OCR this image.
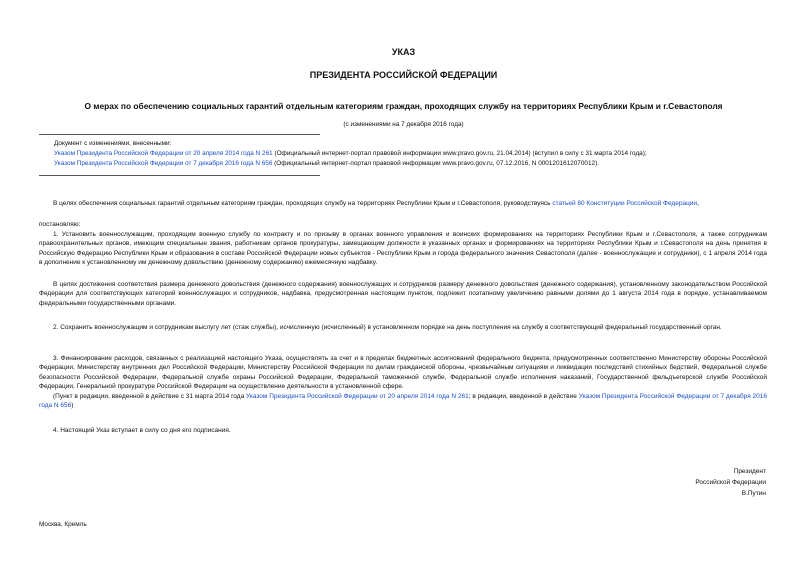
УКАЗ
ПРЕЗИДЕНТА РОССИЙСКОЙ ФЕДЕРАЦИИ
О мерах по обеспечению социальных гарантий отдельным категориям граждан, проходящих службу на территориях Республики Крым и г.Севастополя
(с изменениями на 7 декабря 2016 года)
Документ с изменениями, внесенными:
Указом Президента Российской Федерации от 20 апреля 2014 года N 261 (Официальный интернет-портал правовой информации www.pravo.gov.ru, 21.04.2014) (вступил в силу с 31 марта 2014 года);
Указом Президента Российской Федерации от 7 декабря 2016 года N 656 (Официальный интернет-портал правовой информации www.pravo.gov.ru, 07.12.2016, N 0001201612070012).

В целях обеспечения социальных гарантий отдельным категориям граждан, проходящих службу на территориях Республики Крым и г.Севастополя, руководствуясь статьей 80 Конституции Российской Федерации,

постановляю:

1. Установить военнослужащим, проходящим военную службу по контракту и по призыву в органах военного управления и воинских формированиях на территориях Республики Крым и г.Севастополя, а также сотрудникам правоохранительных органов, имеющим специальные звания, работникам органов прокуратуры, замещающим должности в указанных органах и формированиях на территориях Республики Крым и г.Севастополя на день принятия в Российскую Федерацию Республики Крым и образования в составе Российской Федерации новых субъектов - Республики Крым и города федерального значения Севастополя (далее - военнослужащие и сотрудники), с 1 апреля 2014 года в дополнение к установленному им денежному довольствию (денежному содержанию) ежемесячную надбавку.

В целях достижения соответствия размера денежного довольствия (денежного содержания) военнослужащих и сотрудников размеру денежного довольствия (денежного содержания), установленному законодательством Российской Федерации для соответствующих категорий военнослужащих и сотрудников, надбавка, предусмотренная настоящим пунктом, подлежит поэтапному увеличению равными долями до 1 августа 2014 года в порядке, устанавливаемом федеральными государственными органами.

2. Сохранить военнослужащим и сотрудникам выслугу лет (стаж службы), исчисленную (исчисленный) в установленном порядке на день поступления на службу в соответствующий федеральный государственный орган.

3. Финансирование расходов, связанных с реализацией настоящего Указа, осуществлять за счет и в пределах бюджетных ассигнований федерального бюджета, предусмотренных соответственно Министерству обороны Российской Федерации, Министерству внутренних дел Российской Федерации, Министерству Российской Федерации по делам гражданской обороны, чрезвычайным ситуациям и ликвидации последствий стихийных бедствий, Федеральной службе безопасности Российской Федерации, Федеральной службе охраны Российской Федерации, Федеральной таможенной службе, Федеральной службе исполнения наказаний, Государственной фельдъегерской службе Российской Федерации, Генеральной прокуратуре Российской Федерации на осуществление деятельности в установленной сфере.

(Пункт в редакции, введенной в действие с 31 марта 2014 года Указом Президента Российской Федерации от 20 апреля 2014 года N 261; в редакции, введенной в действие Указом Президента Российской Федерации от 7 декабря 2016 года N 656)

4. Настоящий Указ вступает в силу со дня его подписания.

Президент
Российской Федерации
В.Путин
Москва, Кремль
